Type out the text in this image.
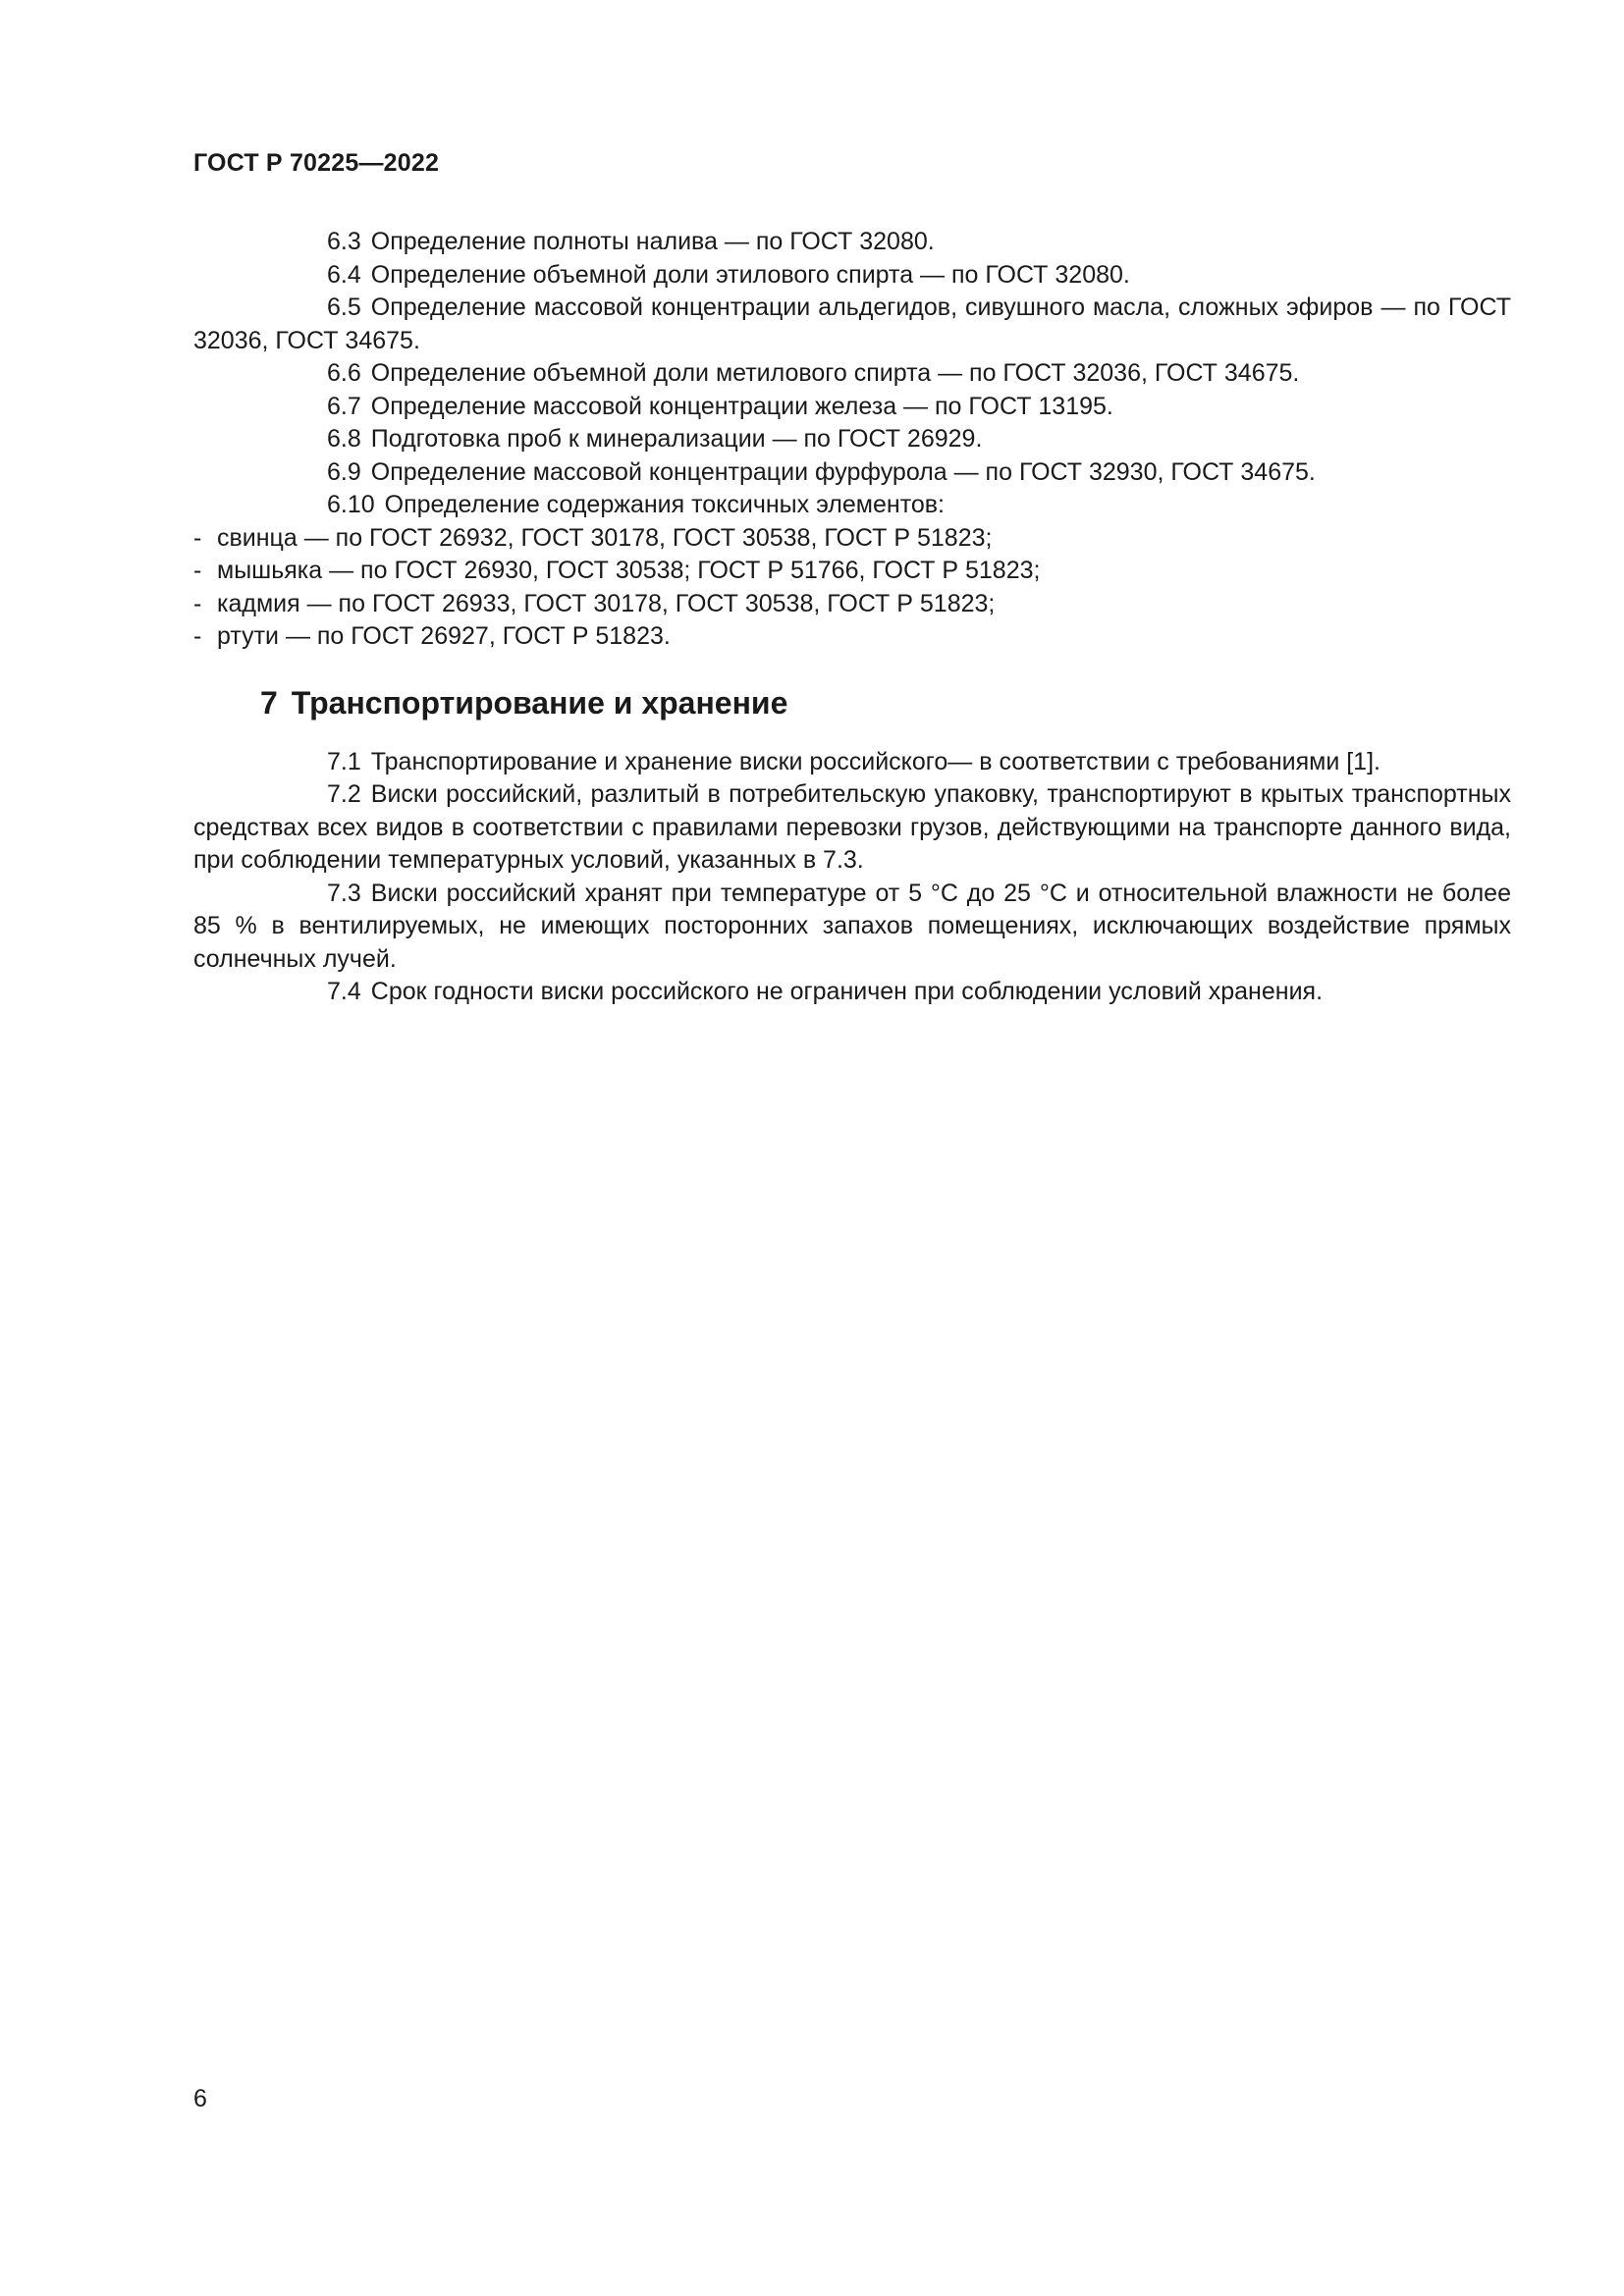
ГОСТ Р 70225—2022

6.3 Определение полноты налива — по ГОСТ 32080.

6.4 Определение объемной доли этилового спирта — по ГОСТ 32080.

6.5 Определение массовой концентрации альдегидов, сивушного масла, сложных эфиров — по ГОСТ 32036, ГОСТ 34675.

6.6 Определение объемной доли метилового спирта — по ГОСТ 32036, ГОСТ 34675.

6.7 Определение массовой концентрации железа — по ГОСТ 13195.

6.8 Подготовка проб к минерализации — по ГОСТ 26929.

6.9 Определение массовой концентрации фурфурола — по ГОСТ 32930, ГОСТ 34675.

6.10 Определение содержания токсичных элементов:

- свинца — по ГОСТ 26932, ГОСТ 30178, ГОСТ 30538, ГОСТ Р 51823;
- мышьяка — по ГОСТ 26930, ГОСТ 30538; ГОСТ Р 51766, ГОСТ Р 51823;
- кадмия — по ГОСТ 26933, ГОСТ 30178, ГОСТ 30538, ГОСТ Р 51823;
- ртути — по ГОСТ 26927, ГОСТ Р 51823.
7 Транспортирование и хранение

7.1 Транспортирование и хранение виски российского— в соответствии с требованиями [1].

7.2 Виски российский, разлитый в потребительскую упаковку, транспортируют в крытых транспортных средствах всех видов в соответствии с правилами перевозки грузов, действующими на транспорте данного вида, при соблюдении температурных условий, указанных в 7.3.

7.3 Виски российский хранят при температуре от 5 °С до 25 °С и относительной влажности не более 85 % в вентилируемых, не имеющих посторонних запахов помещениях, исключающих воздействие прямых солнечных лучей.

7.4 Срок годности виски российского не ограничен при соблюдении условий хранения.

6
